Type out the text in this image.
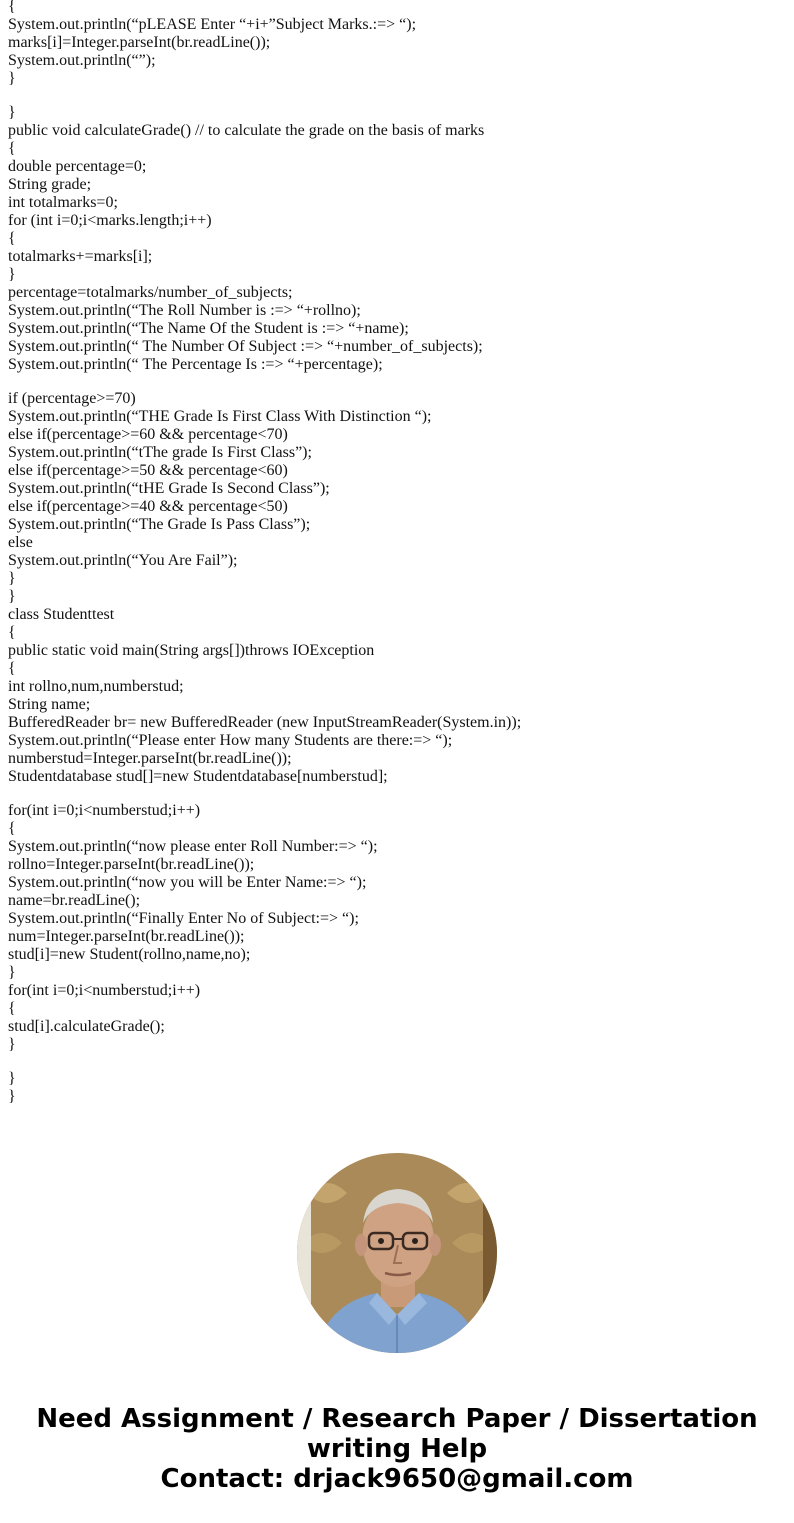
{
System.out.println(“pLEASE Enter “+i+”Subject Marks.:=> “);
marks[i]=Integer.parseInt(br.readLine());
System.out.println(“”);
}
}
public void calculateGrade() // to calculate the grade on the basis of marks
{
double percentage=0;
String grade;
int totalmarks=0;
for (int i=0;i<marks.length;i++)
{
totalmarks+=marks[i];
}
percentage=totalmarks/number_of_subjects;
System.out.println(“The Roll Number is :=> “+rollno);
System.out.println(“The Name Of the Student is :=> “+name);
System.out.println(“ The Number Of Subject :=> “+number_of_subjects);
System.out.println(“ The Percentage Is :=> “+percentage);
if (percentage>=70)
System.out.println(“THE Grade Is First Class With Distinction “);
else if(percentage>=60 && percentage<70)
System.out.println(“tThe grade Is First Class”);
else if(percentage>=50 && percentage<60)
System.out.println(“tHE Grade Is Second Class”);
else if(percentage>=40 && percentage<50)
System.out.println(“The Grade Is Pass Class”);
else
System.out.println(“You Are Fail”);
}
}
class Studenttest
{
public static void main(String args[])throws IOException
{
int rollno,num,numberstud;
String name;
BufferedReader br= new BufferedReader (new InputStreamReader(System.in));
System.out.println(“Please enter How many Students are there:=> “);
numberstud=Integer.parseInt(br.readLine());
Studentdatabase stud[]=new Studentdatabase[numberstud];
for(int i=0;i<numberstud;i++)
{
System.out.println(“now please enter Roll Number:=> “);
rollno=Integer.parseInt(br.readLine());
System.out.println(“now you will be Enter Name:=> “);
name=br.readLine();
System.out.println(“Finally Enter No of Subject:=> “);
num=Integer.parseInt(br.readLine());
stud[i]=new Student(rollno,name,no);
}
for(int i=0;i<numberstud;i++)
{
stud[i].calculateGrade();
}
}
}
Need Assignment / Research Paper / Dissertation
writing Help
Contact: drjack9650@gmail.com
